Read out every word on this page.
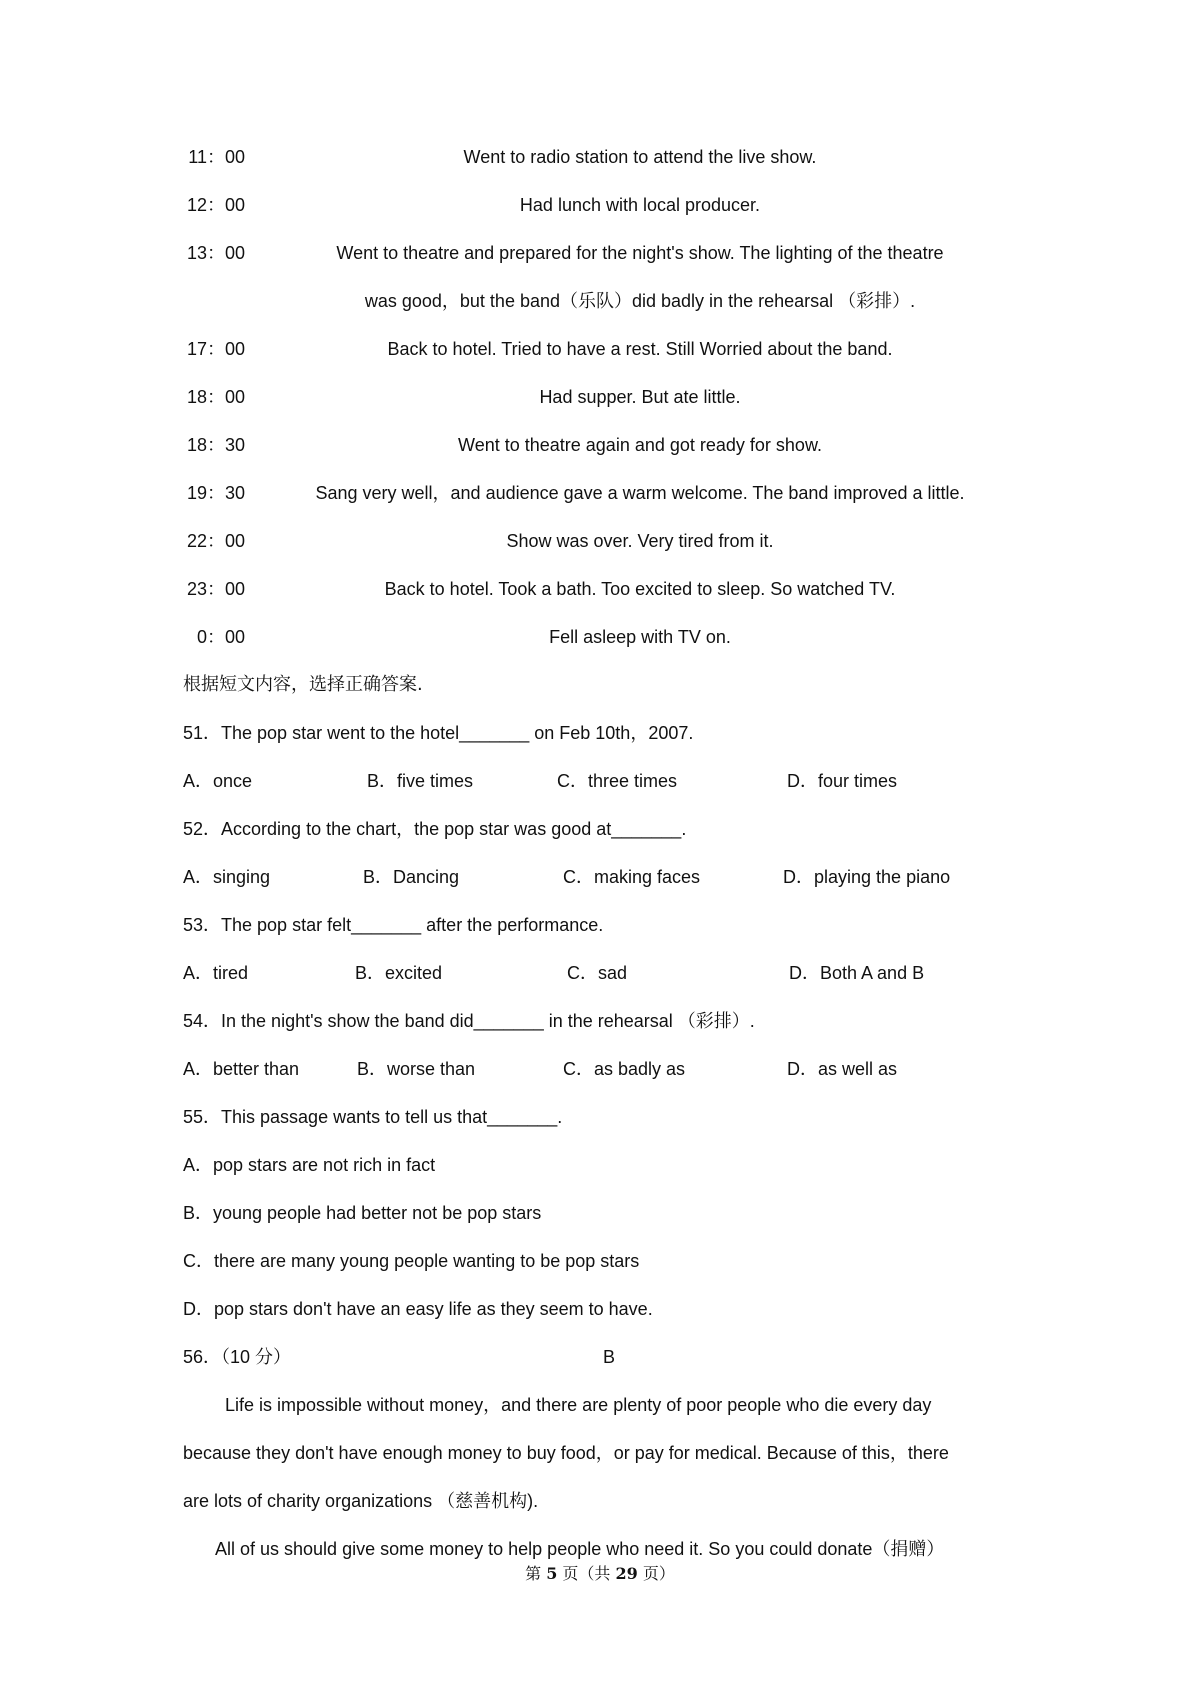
11：00	Went to radio station to attend the live show.
12：00	Had lunch with local producer.
13：00	Went to theatre and prepared for the night's show. The lighting of the theatre
was good，but the band（乐队）did badly in the rehearsal （彩排）.
17：00	Back to hotel. Tried to have a rest. Still Worried about the band.
18：00	Had supper. But ate little.
18：30	Went to theatre again and got ready for show.
19：30	Sang very well，and audience gave a warm welcome. The band improved a little.
22：00	Show was over. Very tired from it.
23：00	Back to hotel. Took a bath. Too excited to sleep. So watched TV.
0：00	Fell asleep with TV on.
根据短文内容，选择正确答案.
51．The pop star went to the hotel_______ on Feb 10th，2007.
A．once	B．five times	C．three times	D．four times
52．According to the chart，the pop star was good at_______.
A．singing	B．Dancing	C．making faces	D．playing the piano
53．The pop star felt_______ after the performance.
A．tired	B．excited	C．sad	D．Both A and B
54．In the night's show the band did_______ in the rehearsal （彩排）.
A．better than	B．worse than	C．as badly as	D．as well as
55．This passage wants to tell us that_______.
A．pop stars are not rich in fact
B．young people had better not be pop stars
C．there are many young people wanting to be pop stars
D．pop stars don't have an easy life as they seem to have.
56．（10 分）	B
Life is impossible without money，and there are plenty of poor people who die every day
because they don't have enough money to buy food，or pay for medical. Because of this，there
are lots of charity organizations （慈善机构).
All of us should give some money to help people who need it. So you could donate（捐赠）
第 5 页（共 29 页）
